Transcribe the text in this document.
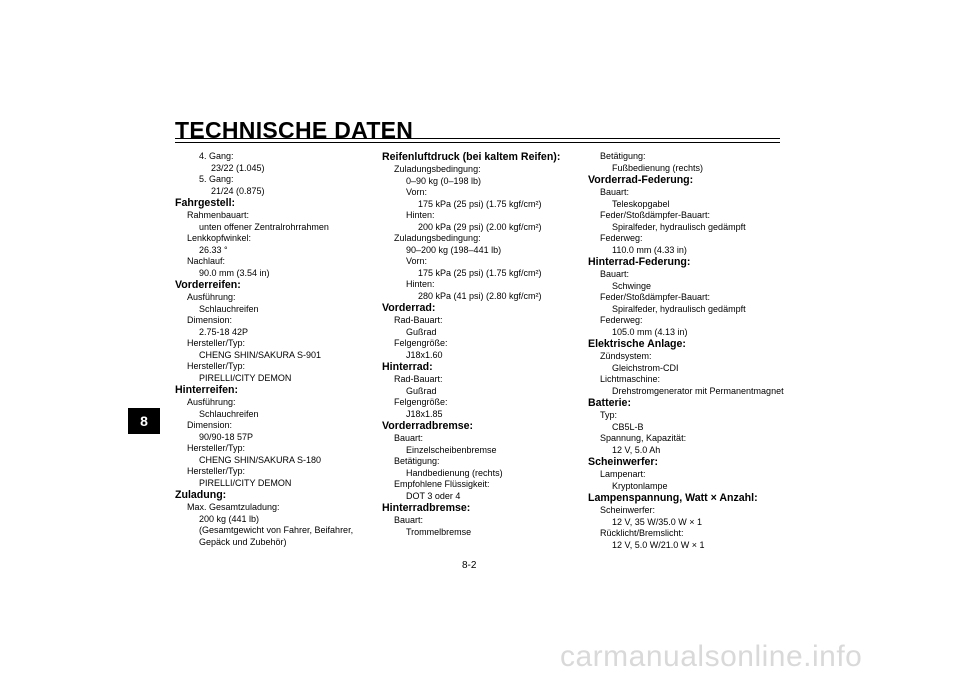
TECHNISCHE DATEN
8
4. Gang:
23/22 (1.045)
5. Gang:
21/24 (0.875)
Fahrgestell:
Rahmenbauart:
unten offener Zentralrohrrahmen
Lenkkopfwinkel:
26.33 °
Nachlauf:
90.0 mm (3.54 in)
Vorderreifen:
Ausführung:
Schlauchreifen
Dimension:
2.75-18 42P
Hersteller/Typ:
CHENG SHIN/SAKURA S-901
Hersteller/Typ:
PIRELLI/CITY DEMON
Hinterreifen:
Ausführung:
Schlauchreifen
Dimension:
90/90-18 57P
Hersteller/Typ:
CHENG SHIN/SAKURA S-180
Hersteller/Typ:
PIRELLI/CITY DEMON
Zuladung:
Max. Gesamtzuladung:
200 kg (441 lb)
(Gesamtgewicht von Fahrer, Beifahrer,
Gepäck und Zubehör)
Reifenluftdruck (bei kaltem Reifen):
Zuladungsbedingung:
0–90 kg (0–198 lb)
Vorn:
175 kPa (25 psi) (1.75 kgf/cm²)
Hinten:
200 kPa (29 psi) (2.00 kgf/cm²)
Zuladungsbedingung:
90–200 kg (198–441 lb)
Vorn:
175 kPa (25 psi) (1.75 kgf/cm²)
Hinten:
280 kPa (41 psi) (2.80 kgf/cm²)
Vorderrad:
Rad-Bauart:
Gußrad
Felgengröße:
J18x1.60
Hinterrad:
Rad-Bauart:
Gußrad
Felgengröße:
J18x1.85
Vorderradbremse:
Bauart:
Einzelscheibenbremse
Betätigung:
Handbedienung (rechts)
Empfohlene Flüssigkeit:
DOT 3 oder 4
Hinterradbremse:
Bauart:
Trommelbremse
Betätigung:
Fußbedienung (rechts)
Vorderrad-Federung:
Bauart:
Teleskopgabel
Feder/Stoßdämpfer-Bauart:
Spiralfeder, hydraulisch gedämpft
Federweg:
110.0 mm (4.33 in)
Hinterrad-Federung:
Bauart:
Schwinge
Feder/Stoßdämpfer-Bauart:
Spiralfeder, hydraulisch gedämpft
Federweg:
105.0 mm (4.13 in)
Elektrische Anlage:
Zündsystem:
Gleichstrom-CDI
Lichtmaschine:
Drehstromgenerator mit Permanentmagnet
Batterie:
Typ:
CB5L-B
Spannung, Kapazität:
12 V, 5.0 Ah
Scheinwerfer:
Lampenart:
Kryptonlampe
Lampenspannung, Watt × Anzahl:
Scheinwerfer:
12 V, 35 W/35.0 W × 1
Rücklicht/Bremslicht:
12 V, 5.0 W/21.0 W × 1
8-2
carmanualsonline.info
